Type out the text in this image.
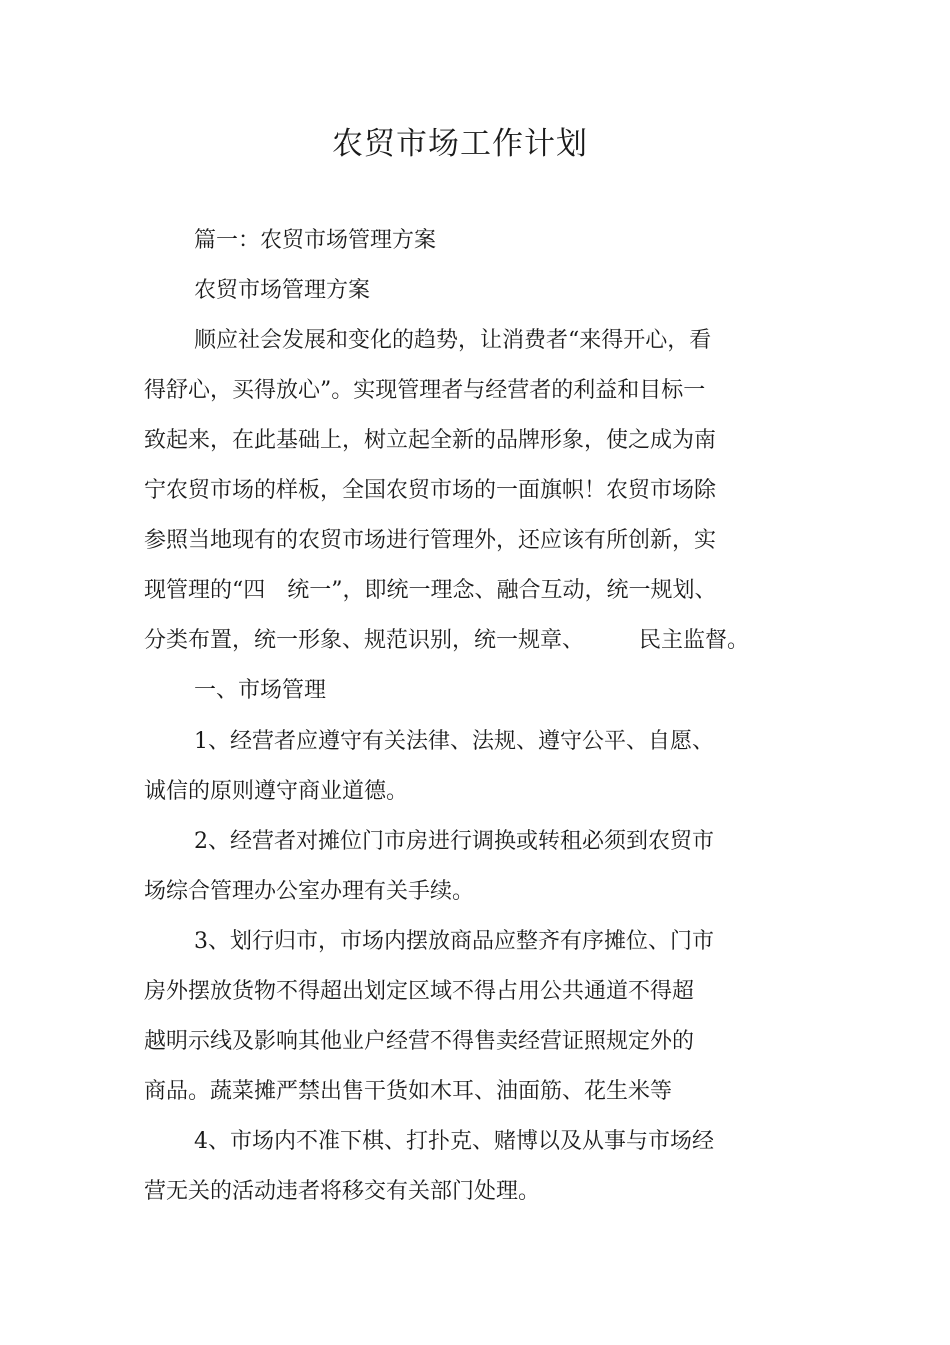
农贸市场工作计划
篇一：农贸市场管理方案
农贸市场管理方案
顺应社会发展和变化的趋势，让消费者“来得开心，看
得舒心，买得放心”。实现管理者与经营者的利益和目标一
致起来，在此基础上，树立起全新的品牌形象，使之成为南
宁农贸市场的样板，全国农贸市场的一面旗帜！农贸市场除
参照当地现有的农贸市场进行管理外，还应该有所创新，实
现管理的“四　统一”，即统一理念、融合互动，统一规划、
分类布置，统一形象、规范识别，统一规章、　　　民主监督。
一、市场管理
1、经营者应遵守有关法律、法规、遵守公平、自愿、
诚信的原则遵守商业道德。
2、经营者对摊位门市房进行调换或转租必须到农贸市
场综合管理办公室办理有关手续。
3、划行归市，市场内摆放商品应整齐有序摊位、门市
房外摆放货物不得超出划定区域不得占用公共通道不得超
越明示线及影响其他业户经营不得售卖经营证照规定外的
商品。蔬菜摊严禁出售干货如木耳、油面筋、花生米等
4、市场内不准下棋、打扑克、赌博以及从事与市场经
营无关的活动违者将移交有关部门处理。
